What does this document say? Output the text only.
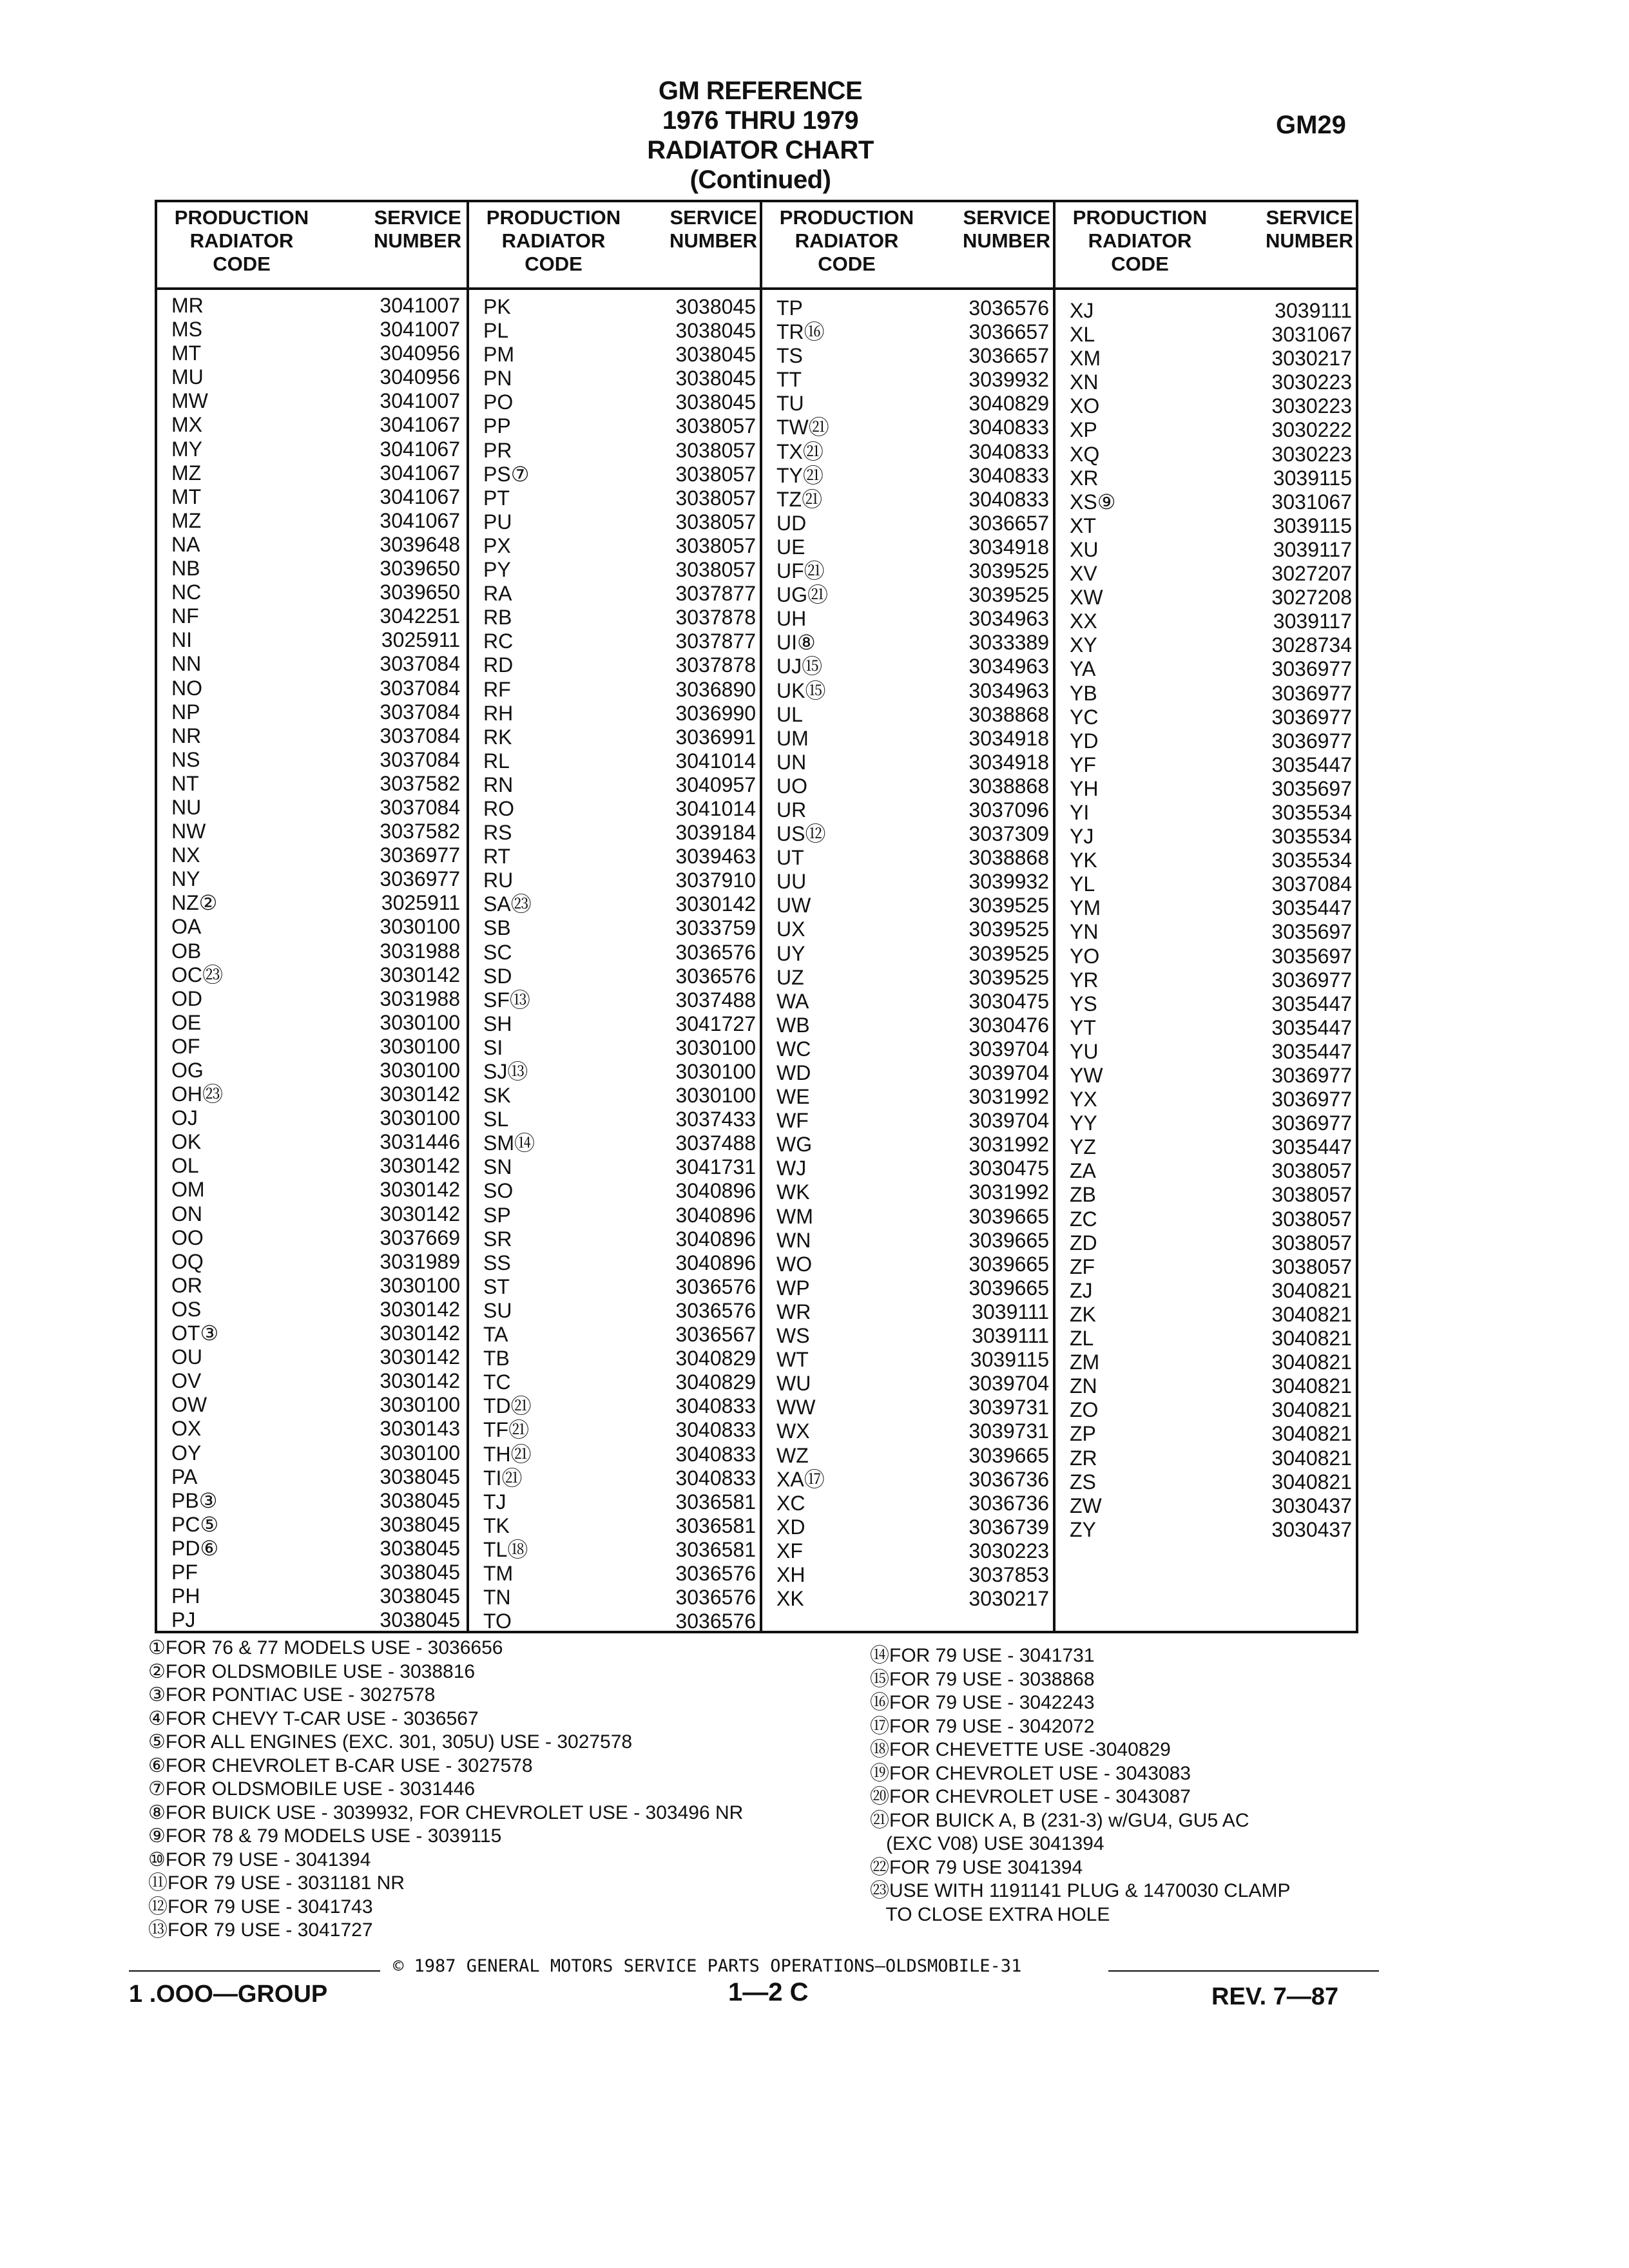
GM REFERENCE
1976 THRU 1979
RADIATOR CHART
(Continued)
GM29
PRODUCTION
RADIATOR
CODE
SERVICE
NUMBER
MR	3041007
MS	3041007
MT	3040956
MU	3040956
MW	3041007
MX	3041067
MY	3041067
MZ	3041067
MT	3041067
MZ	3041067
NA	3039648
NB	3039650
NC	3039650
NF	3042251
NI	3025911
NN	3037084
NO	3037084
NP	3037084
NR	3037084
NS	3037084
NT	3037582
NU	3037084
NW	3037582
NX	3036977
NY	3036977
NZ②	3025911
OA	3030100
OB	3031988
OC㉓	3030142
OD	3031988
OE	3030100
OF	3030100
OG	3030100
OH㉓	3030142
OJ	3030100
OK	3031446
OL	3030142
OM	3030142
ON	3030142
OO	3037669
OQ	3031989
OR	3030100
OS	3030142
OT③	3030142
OU	3030142
OV	3030142
OW	3030100
OX	3030143
OY	3030100
PA	3038045
PB③	3038045
PC⑤	3038045
PD⑥	3038045
PF	3038045
PH	3038045
PJ	3038045
PRODUCTION
RADIATOR
CODE
SERVICE
NUMBER
PK	3038045
PL	3038045
PM	3038045
PN	3038045
PO	3038045
PP	3038057
PR	3038057
PS⑦	3038057
PT	3038057
PU	3038057
PX	3038057
PY	3038057
RA	3037877
RB	3037878
RC	3037877
RD	3037878
RF	3036890
RH	3036990
RK	3036991
RL	3041014
RN	3040957
RO	3041014
RS	3039184
RT	3039463
RU	3037910
SA㉓	3030142
SB	3033759
SC	3036576
SD	3036576
SF⑬	3037488
SH	3041727
SI	3030100
SJ⑬	3030100
SK	3030100
SL	3037433
SM⑭	3037488
SN	3041731
SO	3040896
SP	3040896
SR	3040896
SS	3040896
ST	3036576
SU	3036576
TA	3036567
TB	3040829
TC	3040829
TD㉑	3040833
TF㉑	3040833
TH㉑	3040833
TI㉑	3040833
TJ	3036581
TK	3036581
TL⑱	3036581
TM	3036576
TN	3036576
TO	3036576
PRODUCTION
RADIATOR
CODE
SERVICE
NUMBER
TP	3036576
TR⑯	3036657
TS	3036657
TT	3039932
TU	3040829
TW㉑	3040833
TX㉑	3040833
TY㉑	3040833
TZ㉑	3040833
UD	3036657
UE	3034918
UF㉑	3039525
UG㉑	3039525
UH	3034963
UI⑧	3033389
UJ⑮	3034963
UK⑮	3034963
UL	3038868
UM	3034918
UN	3034918
UO	3038868
UR	3037096
US⑫	3037309
UT	3038868
UU	3039932
UW	3039525
UX	3039525
UY	3039525
UZ	3039525
WA	3030475
WB	3030476
WC	3039704
WD	3039704
WE	3031992
WF	3039704
WG	3031992
WJ	3030475
WK	3031992
WM	3039665
WN	3039665
WO	3039665
WP	3039665
WR	3039111
WS	3039111
WT	3039115
WU	3039704
WW	3039731
WX	3039731
WZ	3039665
XA⑰	3036736
XC	3036736
XD	3036739
XF	3030223
XH	3037853
XK	3030217
PRODUCTION
RADIATOR
CODE
SERVICE
NUMBER
XJ	3039111
XL	3031067
XM	3030217
XN	3030223
XO	3030223
XP	3030222
XQ	3030223
XR	3039115
XS⑨	3031067
XT	3039115
XU	3039117
XV	3027207
XW	3027208
XX	3039117
XY	3028734
YA	3036977
YB	3036977
YC	3036977
YD	3036977
YF	3035447
YH	3035697
YI	3035534
YJ	3035534
YK	3035534
YL	3037084
YM	3035447
YN	3035697
YO	3035697
YR	3036977
YS	3035447
YT	3035447
YU	3035447
YW	3036977
YX	3036977
YY	3036977
YZ	3035447
ZA	3038057
ZB	3038057
ZC	3038057
ZD	3038057
ZF	3038057
ZJ	3040821
ZK	3040821
ZL	3040821
ZM	3040821
ZN	3040821
ZO	3040821
ZP	3040821
ZR	3040821
ZS	3040821
ZW	3030437
ZY	3030437
①FOR 76 & 77 MODELS USE - 3036656
②FOR OLDSMOBILE USE - 3038816
③FOR PONTIAC USE - 3027578
④FOR CHEVY T-CAR USE - 3036567
⑤FOR ALL ENGINES (EXC. 301, 305U) USE - 3027578
⑥FOR CHEVROLET B-CAR USE - 3027578
⑦FOR OLDSMOBILE USE - 3031446
⑧FOR BUICK USE - 3039932, FOR CHEVROLET USE - 303496 NR
⑨FOR 78 & 79 MODELS USE - 3039115
⑩FOR 79 USE - 3041394
⑪FOR 79 USE - 3031181 NR
⑫FOR 79 USE - 3041743
⑬FOR 79 USE - 3041727
⑭FOR 79 USE - 3041731
⑮FOR 79 USE - 3038868
⑯FOR 79 USE - 3042243
⑰FOR 79 USE - 3042072
⑱FOR CHEVETTE USE -3040829
⑲FOR CHEVROLET USE - 3043083
⑳FOR CHEVROLET USE - 3043087
㉑FOR BUICK A, B (231-3) w/GU4, GU5 AC
(EXC V08) USE 3041394
㉒FOR 79 USE 3041394
㉓USE WITH 1191141 PLUG & 1470030 CLAMP
TO CLOSE EXTRA HOLE
© 1987 GENERAL MOTORS SERVICE PARTS OPERATIONS—OLDSMOBILE-31
1 .OOO—GROUP	1—2 C	REV. 7—87
